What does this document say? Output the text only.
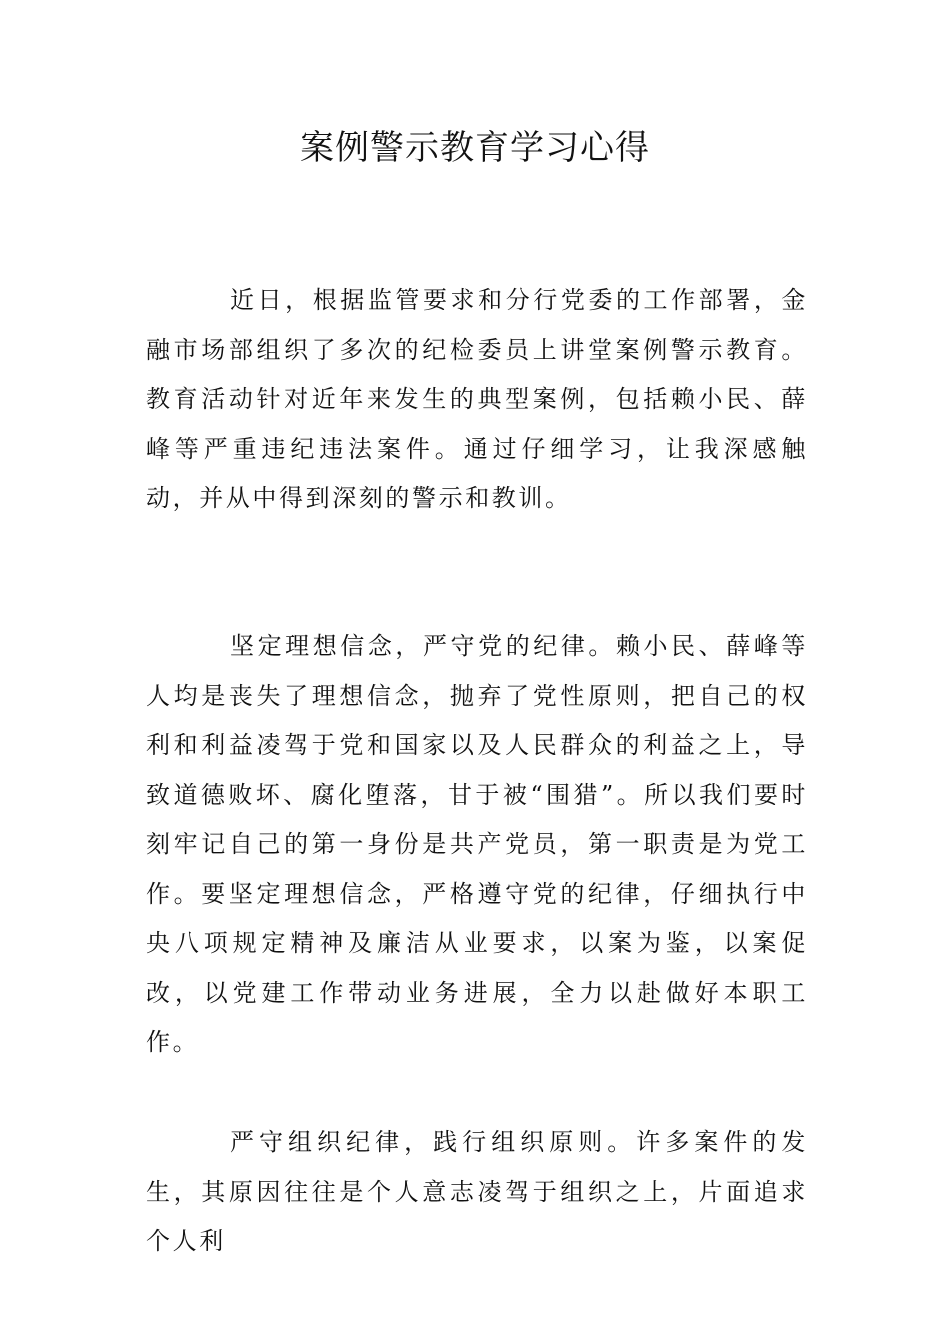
案例警示教育学习心得

近日，根据监管要求和分行党委的工作部署，金融市场部组织了多次的纪检委员上讲堂案例警示教育。教育活动针对近年来发生的典型案例，包括赖小民、薛峰等严重违纪违法案件。通过仔细学习，让我深感触动，并从中得到深刻的警示和教训。

坚定理想信念，严守党的纪律。赖小民、薛峰等人均是丧失了理想信念，抛弃了党性原则，把自己的权利和利益凌驾于党和国家以及人民群众的利益之上，导致道德败坏、腐化堕落，甘于被“围猎”。所以我们要时刻牢记自己的第一身份是共产党员，第一职责是为党工作。要坚定理想信念，严格遵守党的纪律，仔细执行中央八项规定精神及廉洁从业要求，以案为鉴，以案促改，以党建工作带动业务进展，全力以赴做好本职工作。

严守组织纪律，践行组织原则。许多案件的发生，其原因往往是个人意志凌驾于组织之上，片面追求个人利
